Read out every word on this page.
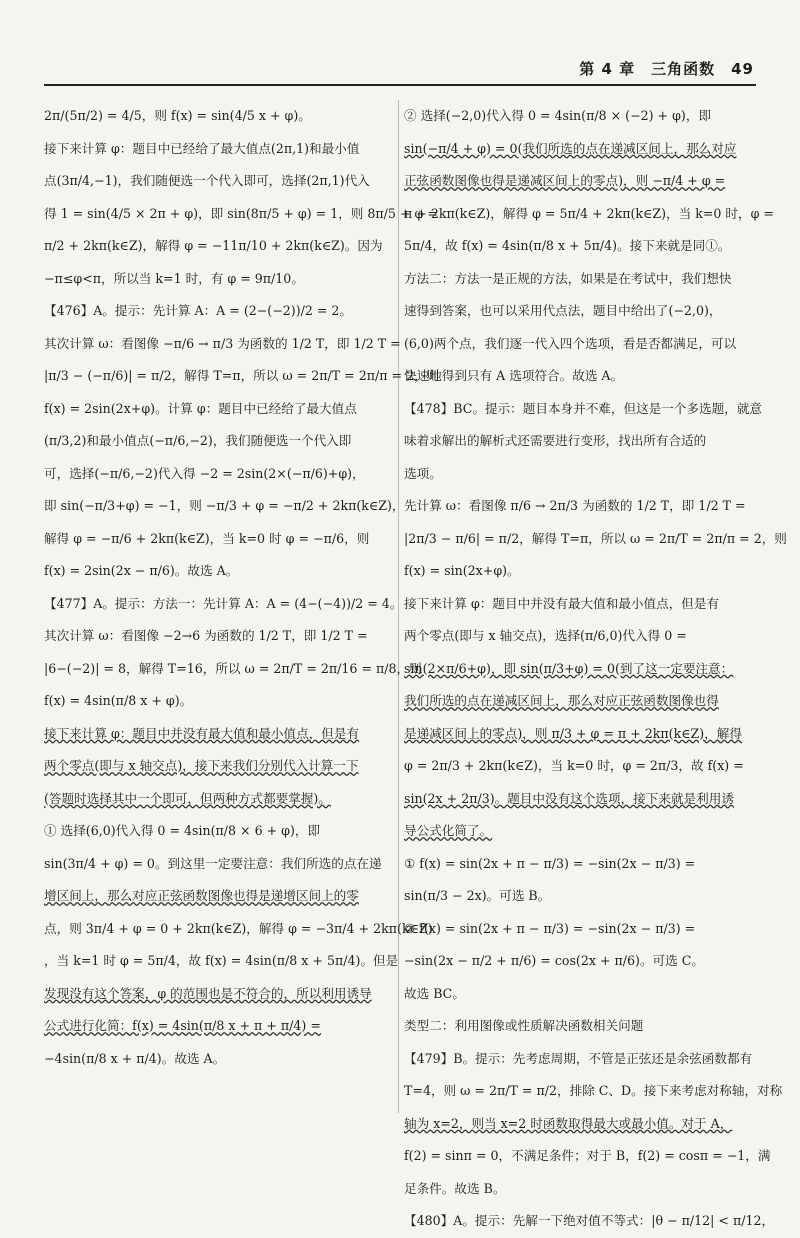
第 4 章　三角函数　49
2π/(5π/2) = 4/5，则 f(x) = sin(4/5 x + φ)。
接下来计算 φ：题目中已经给了最大值点(2π,1)和最小值
点(3π/4,−1)，我们随便选一个代入即可，选择(2π,1)代入
得 1 = sin(4/5 × 2π + φ)，即 sin(8π/5 + φ) = 1，则 8π/5 + φ =
π/2 + 2kπ(k∈Z)，解得 φ = −11π/10 + 2kπ(k∈Z)。因为
−π≤φ<π，所以当 k=1 时，有 φ = 9π/10。
【476】A。提示：先计算 A：A = (2−(−2))/2 = 2。
其次计算 ω：看图像 −π/6 → π/3 为函数的 1/2 T，即 1/2 T =
|π/3 − (−π/6)| = π/2，解得 T=π，所以 ω = 2π/T = 2π/π = 2，则
f(x) = 2sin(2x+φ)。计算 φ：题目中已经给了最大值点
(π/3,2)和最小值点(−π/6,−2)，我们随便选一个代入即
可，选择(−π/6,−2)代入得 −2 = 2sin(2×(−π/6)+φ)，
即 sin(−π/3+φ) = −1，则 −π/3 + φ = −π/2 + 2kπ(k∈Z)，
解得 φ = −π/6 + 2kπ(k∈Z)，当 k=0 时 φ = −π/6，则
f(x) = 2sin(2x − π/6)。故选 A。
【477】A。提示：方法一：先计算 A：A = (4−(−4))/2 = 4。
其次计算 ω：看图像 −2→6 为函数的 1/2 T，即 1/2 T =
|6−(−2)| = 8，解得 T=16，所以 ω = 2π/T = 2π/16 = π/8，则
f(x) = 4sin(π/8 x + φ)。
接下来计算 φ：题目中并没有最大值和最小值点，但是有
两个零点(即与 x 轴交点)，接下来我们分别代入计算一下
(答题时选择其中一个即可，但两种方式都要掌握)。
① 选择(6,0)代入得 0 = 4sin(π/8 × 6 + φ)，即
sin(3π/4 + φ) = 0。到这里一定要注意：我们所选的点在递
增区间上，那么对应正弦函数图像也得是递增区间上的零
点，则 3π/4 + φ = 0 + 2kπ(k∈Z)，解得 φ = −3π/4 + 2kπ(k∈Z)
，当 k=1 时 φ = 5π/4，故 f(x) = 4sin(π/8 x + 5π/4)。但是
发现没有这个答案，φ 的范围也是不符合的，所以利用诱导
公式进行化简：f(x) = 4sin(π/8 x + π + π/4) =
−4sin(π/8 x + π/4)。故选 A。
② 选择(−2,0)代入得 0 = 4sin(π/8 × (−2) + φ)，即
sin(−π/4 + φ) = 0(我们所选的点在递减区间上，那么对应
正弦函数图像也得是递减区间上的零点)，则 −π/4 + φ =
π + 2kπ(k∈Z)，解得 φ = 5π/4 + 2kπ(k∈Z)，当 k=0 时，φ =
5π/4，故 f(x) = 4sin(π/8 x + 5π/4)。接下来就是同①。
方法二：方法一是正规的方法，如果是在考试中，我们想快
速得到答案，也可以采用代点法，题目中给出了(−2,0)，
(6,0)两个点，我们逐一代入四个选项，看是否都满足，可以
快速地得到只有 A 选项符合。故选 A。
【478】BC。提示：题目本身并不难，但这是一个多选题，就意
味着求解出的解析式还需要进行变形，找出所有合适的
选项。
先计算 ω：看图像 π/6 → 2π/3 为函数的 1/2 T，即 1/2 T =
|2π/3 − π/6| = π/2，解得 T=π，所以 ω = 2π/T = 2π/π = 2，则
f(x) = sin(2x+φ)。
接下来计算 φ：题目中并没有最大值和最小值点，但是有
两个零点(即与 x 轴交点)，选择(π/6,0)代入得 0 =
sin(2×π/6+φ)，即 sin(π/3+φ) = 0(到了这一定要注意：
我们所选的点在递减区间上，那么对应正弦函数图像也得
是递减区间上的零点)，则 π/3 + φ = π + 2kπ(k∈Z)，解得
φ = 2π/3 + 2kπ(k∈Z)，当 k=0 时，φ = 2π/3，故 f(x) =
sin(2x + 2π/3)。题目中没有这个选项，接下来就是利用诱
导公式化简了。
① f(x) = sin(2x + π − π/3) = −sin(2x − π/3) =
sin(π/3 − 2x)。可选 B。
② f(x) = sin(2x + π − π/3) = −sin(2x − π/3) =
−sin(2x − π/2 + π/6) = cos(2x + π/6)。可选 C。
故选 BC。
类型二：利用图像或性质解决函数相关问题
【479】B。提示：先考虑周期，不管是正弦还是余弦函数都有
T=4，则 ω = 2π/T = π/2，排除 C、D。接下来考虑对称轴，对称
轴为 x=2，则当 x=2 时函数取得最大或最小值。对于 A，
f(2) = sinπ = 0，不满足条件；对于 B，f(2) = cosπ = −1，满
足条件。故选 B。
【480】A。提示：先解一下绝对值不等式：|θ − π/12| < π/12，
